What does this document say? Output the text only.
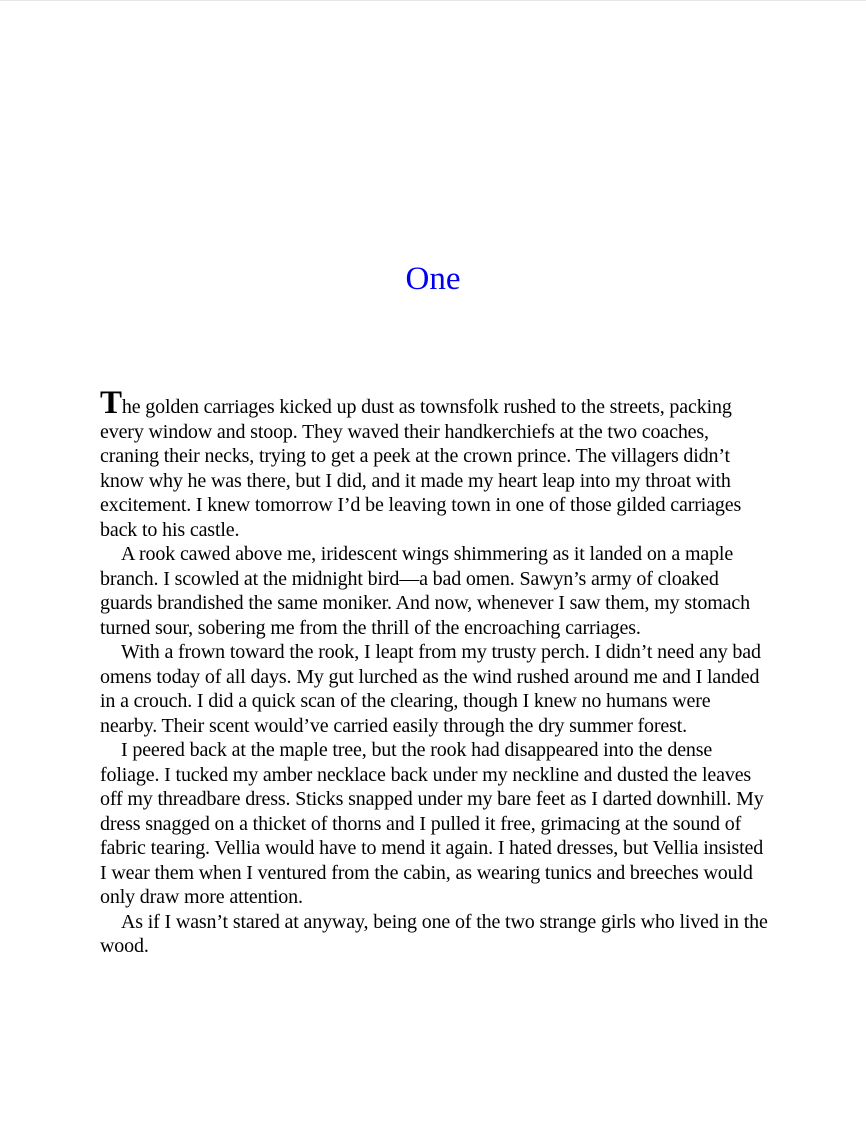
One

The golden carriages kicked up dust as townsfolk rushed to the streets, packing every window and stoop. They waved their handkerchiefs at the two coaches, craning their necks, trying to get a peek at the crown prince. The villagers didn’t know why he was there, but I did, and it made my heart leap into my throat with excitement. I knew tomorrow I’d be leaving town in one of those gilded carriages back to his castle.

A rook cawed above me, iridescent wings shimmering as it landed on a maple branch. I scowled at the midnight bird—a bad omen. Sawyn’s army of cloaked guards brandished the same moniker. And now, whenever I saw them, my stomach turned sour, sobering me from the thrill of the encroaching carriages.

With a frown toward the rook, I leapt from my trusty perch. I didn’t need any bad omens today of all days. My gut lurched as the wind rushed around me and I landed in a crouch. I did a quick scan of the clearing, though I knew no humans were nearby. Their scent would’ve carried easily through the dry summer forest.

I peered back at the maple tree, but the rook had disappeared into the dense foliage. I tucked my amber necklace back under my neckline and dusted the leaves off my threadbare dress. Sticks snapped under my bare feet as I darted downhill. My dress snagged on a thicket of thorns and I pulled it free, grimacing at the sound of fabric tearing. Vellia would have to mend it again. I hated dresses, but Vellia insisted I wear them when I ventured from the cabin, as wearing tunics and breeches would only draw more attention.

As if I wasn’t stared at anyway, being one of the two strange girls who lived in the wood.
